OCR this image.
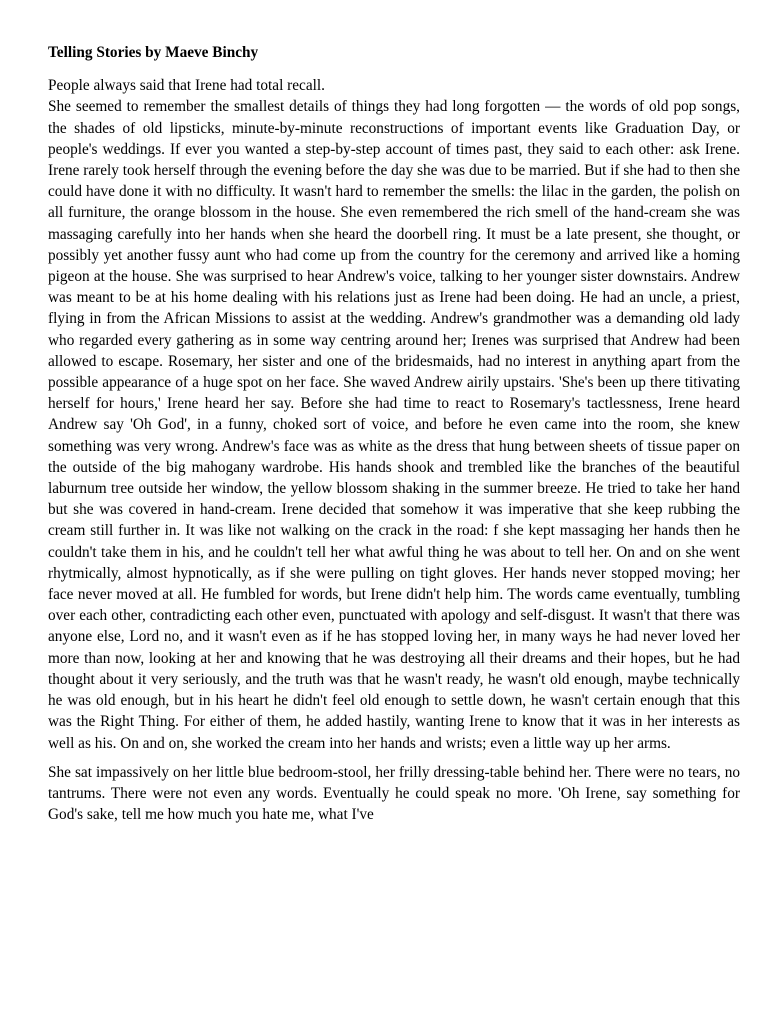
Telling Stories by Maeve Binchy

People always said that Irene had total recall.

She seemed to remember the smallest details of things they had long forgotten — the words of old pop songs, the shades of old lipsticks, minute-by-minute reconstructions of important events like Graduation Day, or people's weddings. If ever you wanted a step-by-step account of times past, they said to each other: ask Irene. Irene rarely took herself through the evening before the day she was due to be married. But if she had to then she could have done it with no difficulty. It wasn't hard to remember the smells: the lilac in the garden, the polish on all furniture, the orange blossom in the house. She even remembered the rich smell of the hand-cream she was massaging carefully into her hands when she heard the doorbell ring. It must be a late present, she thought, or possibly yet another fussy aunt who had come up from the country for the ceremony and arrived like a homing pigeon at the house. She was surprised to hear Andrew's voice, talking to her younger sister downstairs. Andrew was meant to be at his home dealing with his relations just as Irene had been doing. He had an uncle, a priest, flying in from the African Missions to assist at the wedding. Andrew's grandmother was a demanding old lady who regarded every gathering as in some way centring around her; Irenes was surprised that Andrew had been allowed to escape. Rosemary, her sister and one of the bridesmaids, had no interest in anything apart from the possible appearance of a huge spot on her face. She waved Andrew airily upstairs. 'She's been up there titivating herself for hours,' Irene heard her say. Before she had time to react to Rosemary's tactlessness, Irene heard Andrew say 'Oh God', in a funny, choked sort of voice, and before he even came into the room, she knew something was very wrong. Andrew's face was as white as the dress that hung between sheets of tissue paper on the outside of the big mahogany wardrobe. His hands shook and trembled like the branches of the beautiful laburnum tree outside her window, the yellow blossom shaking in the summer breeze. He tried to take her hand but she was covered in hand-cream. Irene decided that somehow it was imperative that she keep rubbing the cream still further in. It was like not walking on the crack in the road: f she kept massaging her hands then he couldn't take them in his, and he couldn't tell her what awful thing he was about to tell her. On and on she went rhytmically, almost hypnotically, as if she were pulling on tight gloves. Her hands never stopped moving; her face never moved at all. He fumbled for words, but Irene didn't help him. The words came eventually, tumbling over each other, contradicting each other even, punctuated with apology and self-disgust. It wasn't that there was anyone else, Lord no, and it wasn't even as if he has stopped loving her, in many ways he had never loved her more than now, looking at her and knowing that he was destroying all their dreams and their hopes, but he had thought about it very seriously, and the truth was that he wasn't ready, he wasn't old enough, maybe technically he was old enough, but in his heart he didn't feel old enough to settle down, he wasn't certain enough that this was the Right Thing. For either of them, he added hastily, wanting Irene to know that it was in her interests as well as his. On and on, she worked the cream into her hands and wrists; even a little way up her arms.

She sat impassively on her little blue bedroom-stool, her frilly dressing-table behind her. There were no tears, no tantrums. There were not even any words. Eventually he could speak no more. 'Oh Irene, say something for God's sake, tell me how much you hate me, what I've
